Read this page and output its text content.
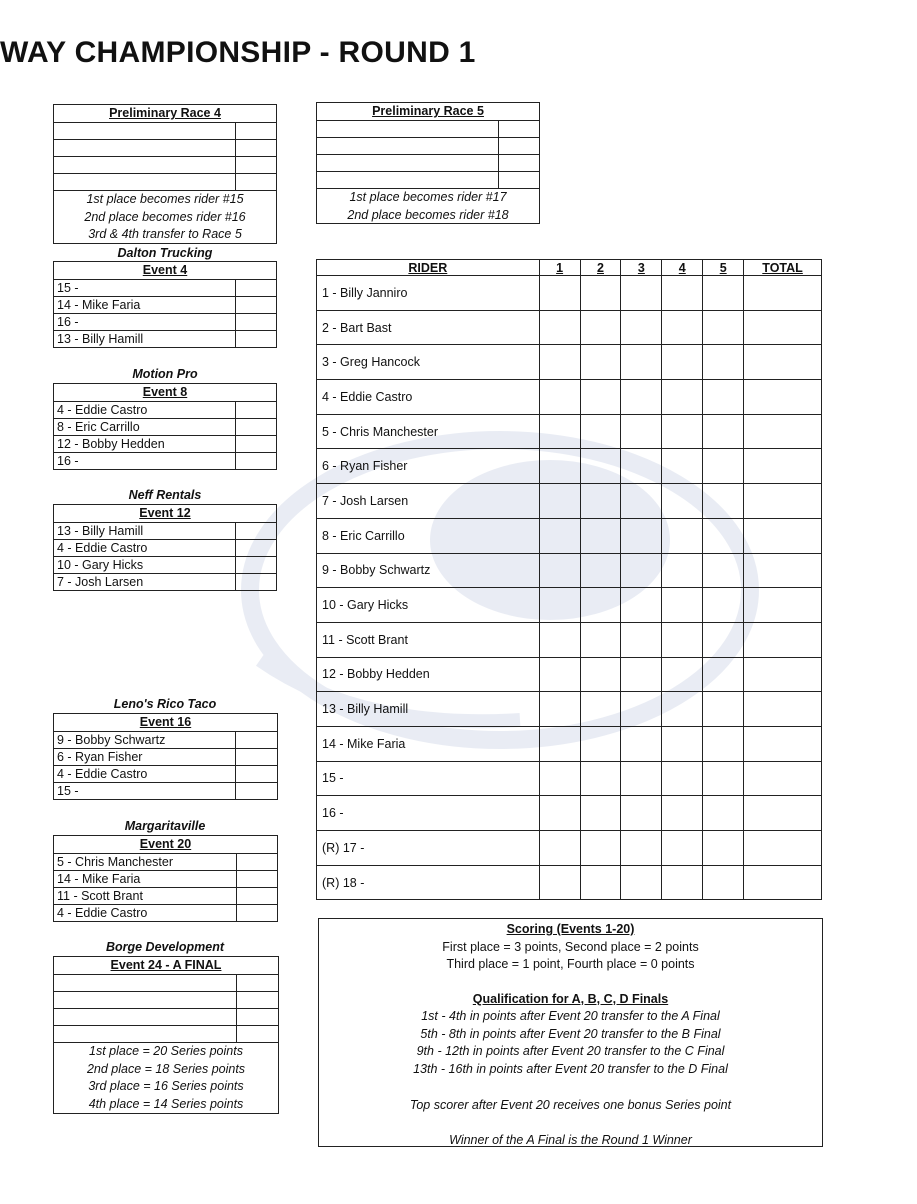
WAY CHAMPIONSHIP - ROUND 1
Preliminary Race 4
1st place becomes rider #15
2nd place becomes rider #16
3rd & 4th transfer to Race 5
Preliminary Race 5
1st place becomes rider #17
2nd place becomes rider #18
Dalton Trucking
Event 4
15 -
14 - Mike Faria
16 -
13 - Billy Hamill
Motion Pro
Event 8
4 - Eddie Castro
8 - Eric Carrillo
12 - Bobby Hedden
16 -
Neff Rentals
Event 12
13 - Billy Hamill
4 - Eddie Castro
10 - Gary Hicks
7 - Josh Larsen
Leno's Rico Taco
Event 16
9 - Bobby Schwartz
6 - Ryan Fisher
4 - Eddie Castro
15 -
Margaritaville
Event 20
5 - Chris Manchester
14 - Mike Faria
11 - Scott Brant
4 - Eddie Castro
Borge Development
Event 24 - A FINAL
1st place = 20 Series points
2nd place = 18 Series points
3rd place = 16 Series points
4th place = 14 Series points
RIDER	1	2	3	4	5	TOTAL
1 - Billy Janniro						
2 - Bart Bast						
3 - Greg Hancock						
4 - Eddie Castro						
5 - Chris Manchester						
6 - Ryan Fisher						
7 - Josh Larsen						
8 - Eric Carrillo						
9 - Bobby Schwartz						
10 - Gary Hicks						
11 - Scott Brant						
12 - Bobby Hedden						
13 - Billy Hamill						
14 - Mike Faria						
15 -						
16 -						
(R) 17 -						
(R) 18 -						
Scoring (Events 1-20)
First place = 3 points, Second place = 2 points
Third place = 1 point, Fourth place = 0 points
Qualification for A, B, C, D Finals
1st - 4th in points after Event 20 transfer to the A Final
5th - 8th in points after Event 20 transfer to the B Final
9th - 12th in points after Event 20 transfer to the C Final
13th - 16th in points after Event 20 transfer to the D Final
Top scorer after Event 20 receives one bonus Series point
Winner of the A Final is the Round 1 Winner
